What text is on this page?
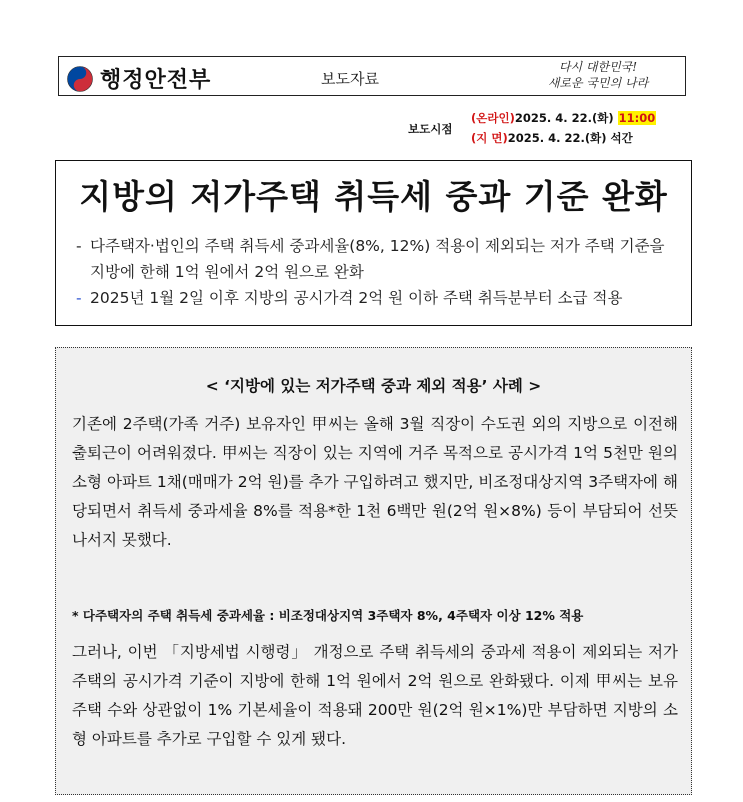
행정안전부	보도자료
다시 대한민국!
새로운 국민의 나라
보도시점
(온라인)2025. 4. 22.(화) 11:00
(지 면)2025. 4. 22.(화) 석간
지방의 저가주택 취득세 중과 기준 완화
- 다주택자·법인의 주택 취득세 중과세율(8%, 12%) 적용이 제외되는 저가 주택 기준을 지방에 한해 1억 원에서 2억 원으로 완화
- 2025년 1월 2일 이후 지방의 공시가격 2억 원 이하 주택 취득분부터 소급 적용
< ‘지방에 있는 저가주택 중과 제외 적용’ 사례 >
기존에 2주택(가족 거주) 보유자인 甲씨는 올해 3월 직장이 수도권 외의 지방으로 이전해 출퇴근이 어려워졌다. 甲씨는 직장이 있는 지역에 거주 목적으로 공시가격 1억 5천만 원의 소형 아파트 1채(매매가 2억 원)를 추가 구입하려고 했지만, 비조정대상지역 3주택자에 해당되면서 취득세 중과세율 8%를 적용*한 1천 6백만 원(2억 원×8%) 등이 부담되어 선뜻 나서지 못했다.
* 다주택자의 주택 취득세 중과세율 : 비조정대상지역 3주택자 8%, 4주택자 이상 12% 적용
그러나, 이번 「지방세법 시행령」 개정으로 주택 취득세의 중과세 적용이 제외되는 저가주택의 공시가격 기준이 지방에 한해 1억 원에서 2억 원으로 완화됐다. 이제 甲씨는 보유 주택 수와 상관없이 1% 기본세율이 적용돼 200만 원(2억 원×1%)만 부담하면 지방의 소형 아파트를 추가로 구입할 수 있게 됐다.
